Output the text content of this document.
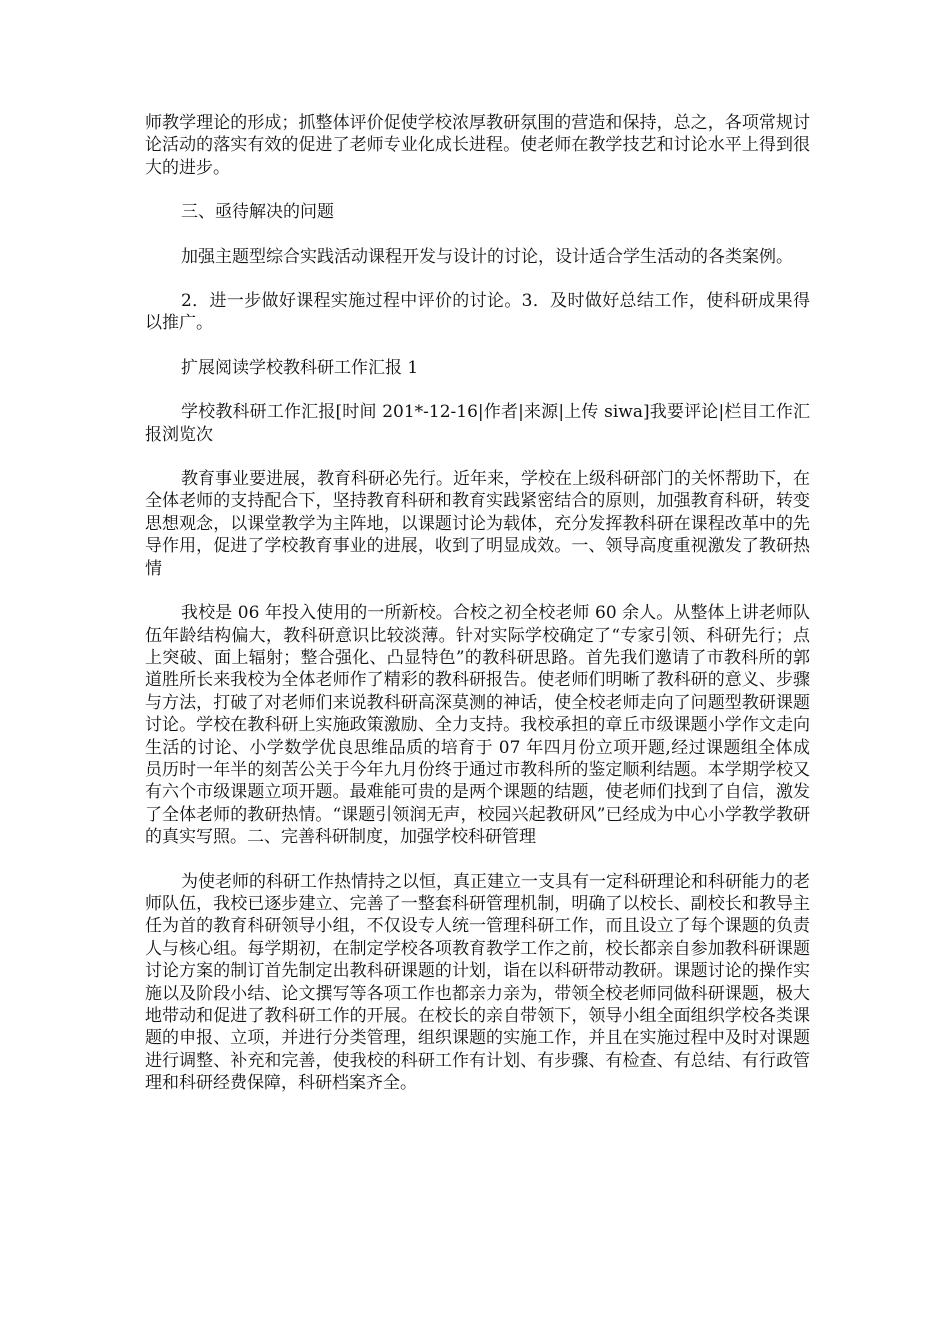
师教学理论的形成；抓整体评价促使学校浓厚教研氛围的营造和保持，总之，各项常规讨论活动的落实有效的促进了老师专业化成长进程。使老师在教学技艺和讨论水平上得到很大的进步。

三、亟待解决的问题

加强主题型综合实践活动课程开发与设计的讨论，设计适合学生活动的各类案例。

2．进一步做好课程实施过程中评价的讨论。3．及时做好总结工作，使科研成果得以推广。

扩展阅读学校教科研工作汇报 1

学校教科研工作汇报[时间 201*-12-16|作者|来源|上传 siwa]我要评论|栏目工作汇报浏览次

教育事业要进展，教育科研必先行。近年来，学校在上级科研部门的关怀帮助下，在全体老师的支持配合下，坚持教育科研和教育实践紧密结合的原则，加强教育科研，转变思想观念，以课堂教学为主阵地，以课题讨论为载体，充分发挥教科研在课程改革中的先导作用，促进了学校教育事业的进展，收到了明显成效。一、领导高度重视激发了教研热情

我校是 06 年投入使用的一所新校。合校之初全校老师 60 余人。从整体上讲老师队伍年龄结构偏大，教科研意识比较淡薄。针对实际学校确定了“专家引领、科研先行；点上突破、面上辐射；整合强化、凸显特色”的教科研思路。首先我们邀请了市教科所的郭道胜所长来我校为全体老师作了精彩的教科研报告。使老师们明晰了教科研的意义、步骤与方法，打破了对老师们来说教科研高深莫测的神话，使全校老师走向了问题型教研课题讨论。学校在教科研上实施政策激励、全力支持。我校承担的章丘市级课题小学作文走向生活的讨论、小学数学优良思维品质的培育于 07 年四月份立项开题,经过课题组全体成员历时一年半的刻苦公关于今年九月份终于通过市教科所的鉴定顺利结题。本学期学校又有六个市级课题立项开题。最难能可贵的是两个课题的结题，使老师们找到了自信，激发了全体老师的教研热情。“课题引领润无声，校园兴起教研风”已经成为中心小学教学教研的真实写照。二、完善科研制度，加强学校科研管理

为使老师的科研工作热情持之以恒，真正建立一支具有一定科研理论和科研能力的老师队伍，我校已逐步建立、完善了一整套科研管理机制，明确了以校长、副校长和教导主任为首的教育科研领导小组，不仅设专人统一管理科研工作，而且设立了每个课题的负责人与核心组。每学期初，在制定学校各项教育教学工作之前，校长都亲自参加教科研课题讨论方案的制订首先制定出教科研课题的计划，诣在以科研带动教研。课题讨论的操作实施以及阶段小结、论文撰写等各项工作也都亲力亲为，带领全校老师同做科研课题，极大地带动和促进了教科研工作的开展。在校长的亲自带领下，领导小组全面组织学校各类课题的申报、立项，并进行分类管理，组织课题的实施工作，并且在实施过程中及时对课题进行调整、补充和完善，使我校的科研工作有计划、有步骤、有检查、有总结、有行政管理和科研经费保障，科研档案齐全。
